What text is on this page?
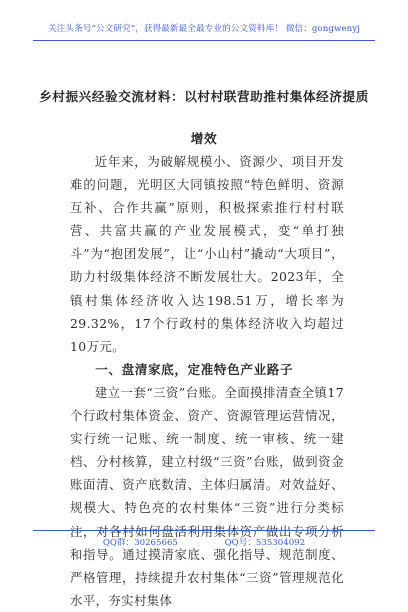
关注头条号“公文研究”，获得最新最全最专业的公文资料库！ 微信：gongwenyj
乡村振兴经验交流材料：以村村联营助推村集体经济提质
增效

近年来，为破解规模小、资源少、项目开发难的问题，光明区大同镇按照“特色鲜明、资源互补、合作共赢”原则，积极探索推行村村联营、共富共赢的产业发展模式，变“单打独斗”为“抱团发展”，让“小山村”撬动“大项目”，助力村级集体经济不断发展壮大。2023年，全镇村集体经济收入达198.51万，增长率为29.32%，17个行政村的集体经济收入均超过10万元。

一、盘清家底，定准特色产业路子

建立一套“三资”台账。全面摸排清查全镇17个行政村集体资金、资产、资源管理运营情况，实行统一记账、统一制度、统一审核、统一建档、分村核算，建立村级“三资”台账，做到资金账面清、资产底数清、主体归属清。对效益好、规模大、特色亮的农村集体“三资”进行分类标注，对各村如何盘活利用集体资产做出专项分析和指导。通过摸清家底、强化指导、规范制度、严格管理，持续提升农村集体“三资”管理规范化水平，夯实村集体

QQ群：30265665	QQ号：535304092
